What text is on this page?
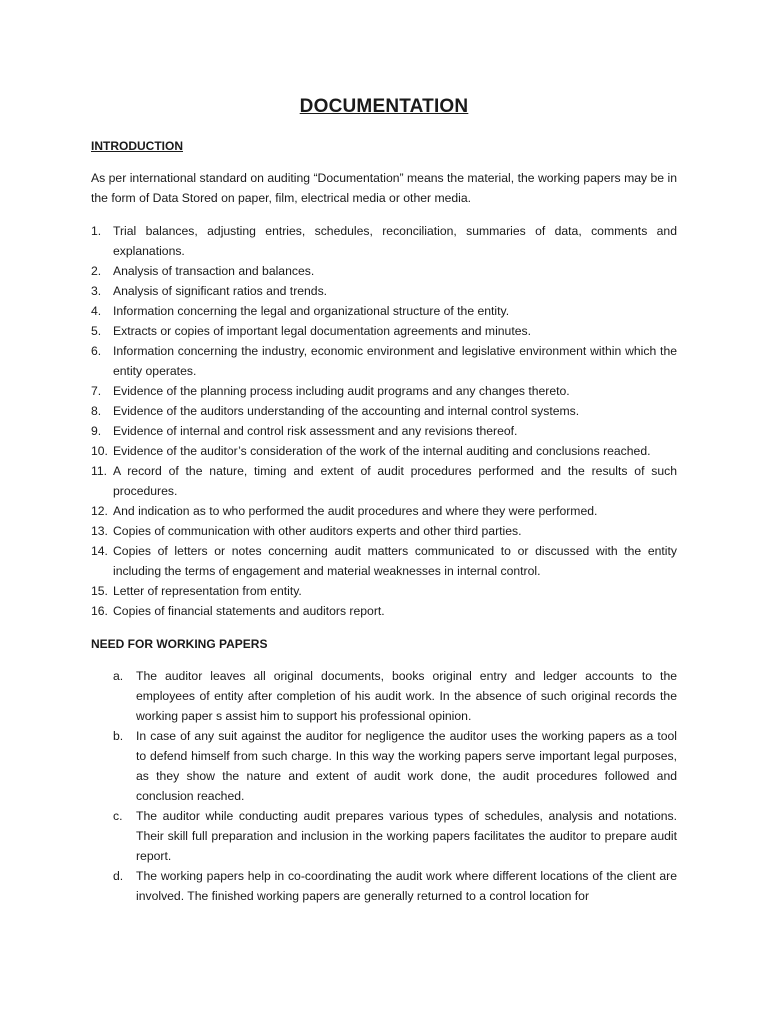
DOCUMENTATION
INTRODUCTION
As per international standard on auditing “Documentation” means the material, the working papers may be in the form of Data Stored on paper, film, electrical media or other media.
1. Trial balances, adjusting entries, schedules, reconciliation, summaries of data, comments and explanations.
2. Analysis of transaction and balances.
3. Analysis of significant ratios and trends.
4. Information concerning the legal and organizational structure of the entity.
5. Extracts or copies of important legal documentation agreements and minutes.
6. Information concerning the industry, economic environment and legislative environment within which the entity operates.
7. Evidence of the planning process including audit programs and any changes thereto.
8. Evidence of the auditors understanding of the accounting and internal control systems.
9. Evidence of internal and control risk assessment and any revisions thereof.
10. Evidence of the auditor’s consideration of the work of the internal auditing and conclusions reached.
11. A record of the nature, timing and extent of audit procedures performed and the results of such procedures.
12. And indication as to who performed the audit procedures and where they were performed.
13. Copies of communication with other auditors experts and other third parties.
14. Copies of letters or notes concerning audit matters communicated to or discussed with the entity including the terms of engagement and material weaknesses in internal control.
15. Letter of representation from entity.
16. Copies of financial statements and auditors report.
NEED FOR WORKING PAPERS
a.	The auditor leaves all original documents, books original entry and ledger accounts to the employees of entity after completion of his audit work. In the absence of such original records the working paper s assist him to support his professional opinion.
b.	In case of any suit against the auditor for negligence the auditor uses the working papers as a tool to defend himself from such charge. In this way the working papers serve important legal purposes, as they show the nature and extent of audit work done, the audit procedures followed and conclusion reached.
c.	The auditor while conducting audit prepares various types of schedules, analysis and notations. Their skill full preparation and inclusion in the working papers facilitates the auditor to prepare audit report.
d.	The working papers help in co-coordinating the audit work where different locations of the client are involved. The finished working papers are generally returned to a control location for
